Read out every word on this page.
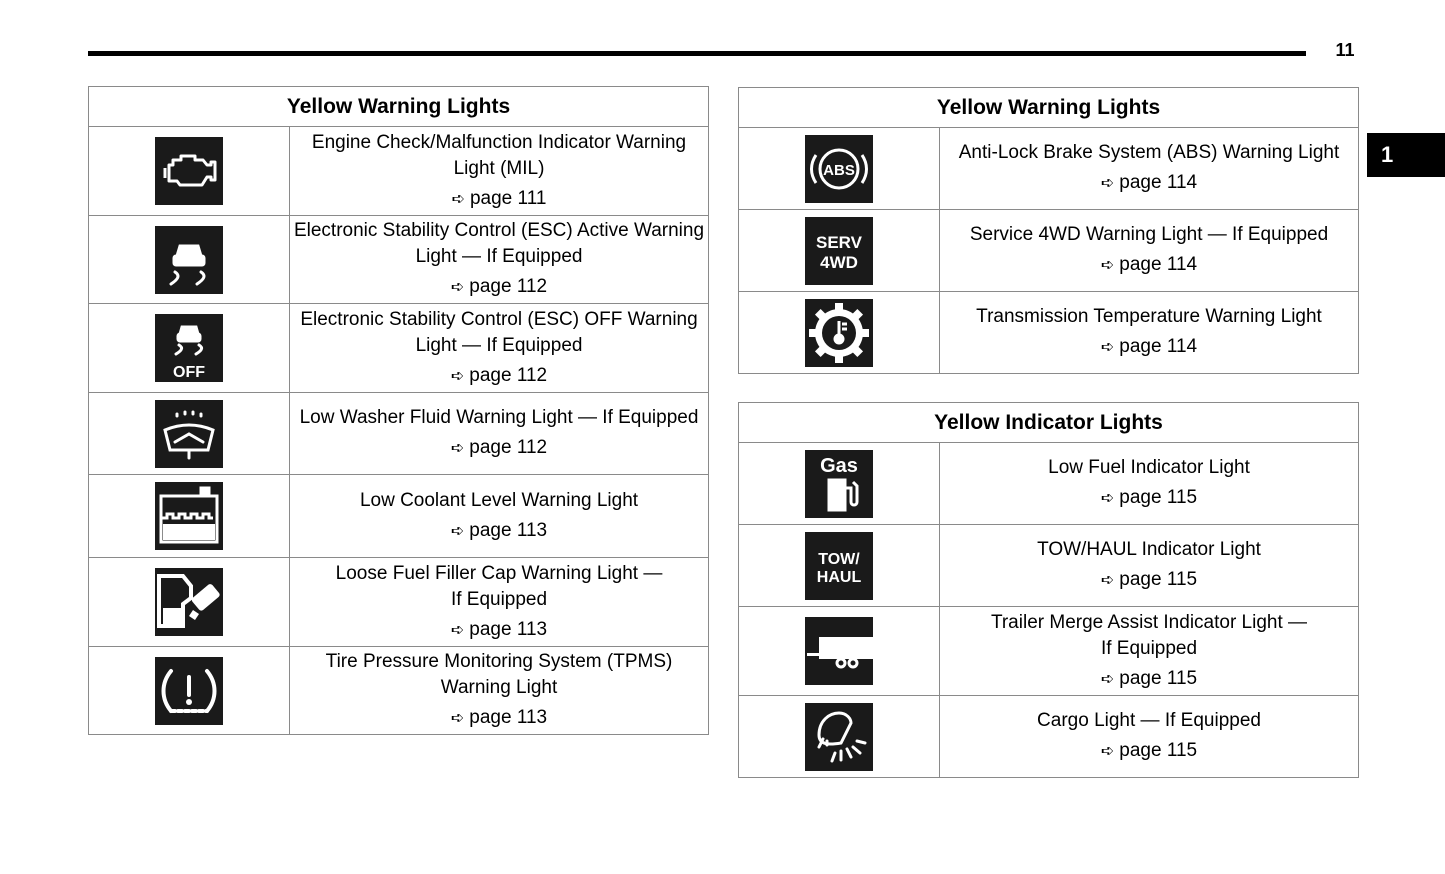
11
1
Yellow Warning Lights	

	Engine Check/Malfunction Indicator Warning
Light (MIL)
➪ page 111

	Electronic Stability Control (ESC) Active Warning
Light — If Equipped
➪ page 112

OFF	Electronic Stability Control (ESC) OFF Warning
Light — If Equipped
➪ page 112

	Low Washer Fluid Warning Light — If Equipped
➪ page 112

	Low Coolant Level Warning Light
➪ page 113

	Loose Fuel Filler Cap Warning Light —
If Equipped
➪ page 113

	Tire Pressure Monitoring System (TPMS)
Warning Light
➪ page 113
Yellow Warning Lights	

ABS	Anti-Lock Brake System (ABS) Warning Light
➪ page 114

SERV
4WD	Service 4WD Warning Light — If Equipped
➪ page 114

	Transmission Temperature Warning Light
➪ page 114
Yellow Indicator Lights	

Gas	Low Fuel Indicator Light
➪ page 115

TOW/
HAUL	TOW/HAUL Indicator Light
➪ page 115

	Trailer Merge Assist Indicator Light —
If Equipped
➪ page 115

	Cargo Light — If Equipped
➪ page 115
